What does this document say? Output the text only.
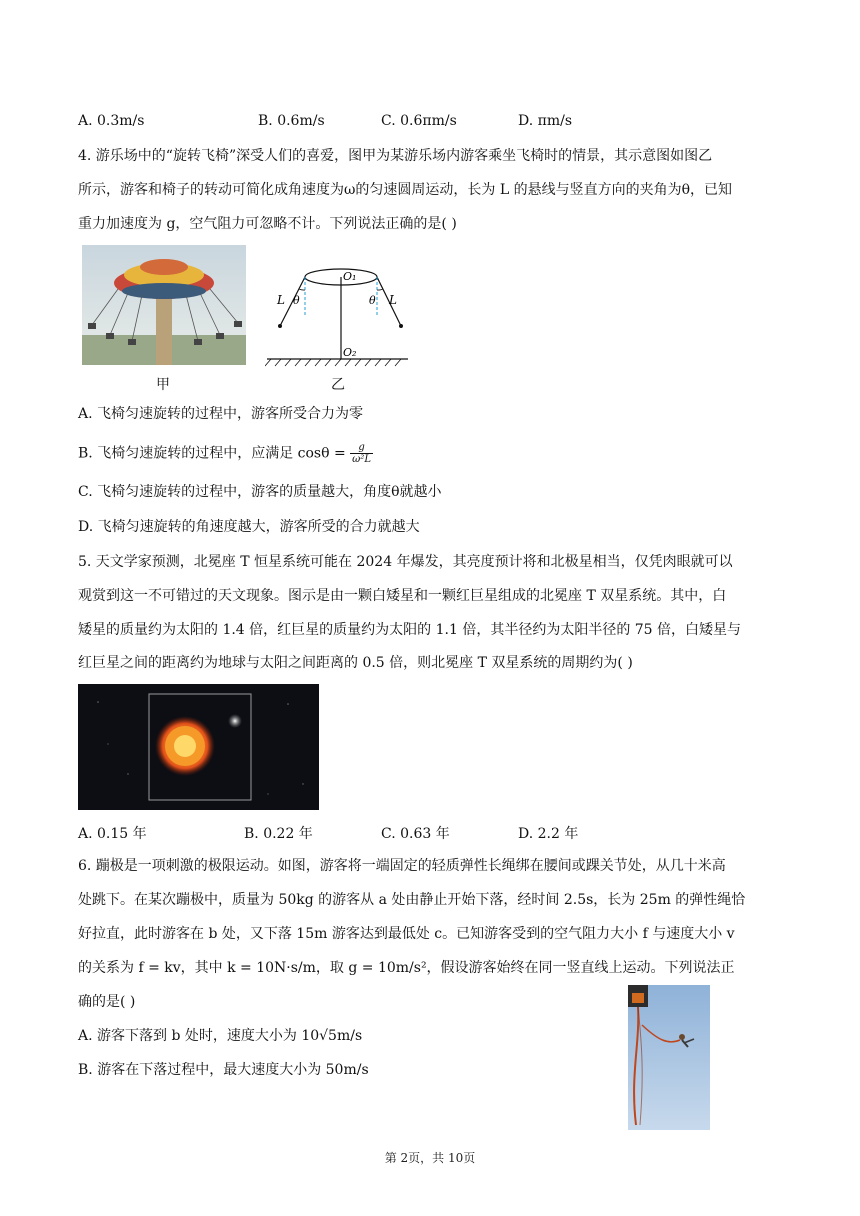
A. 0.3m/s	B. 0.6m/s	C. 0.6πm/s	D. πm/s
4. 游乐场中的“旋转飞椅”深受人们的喜爱，图甲为某游乐场内游客乘坐飞椅时的情景，其示意图如图乙
所示，游客和椅子的转动可简化成角速度为ω的匀速圆周运动，长为 L 的悬线与竖直方向的夹角为θ，已知
重力加速度为 g，空气阻力可忽略不计。下列说法正确的是( )
甲
O₁
O₂
L	L
θ	θ
乙
A. 飞椅匀速旋转的过程中，游客所受合力为零
B. 飞椅匀速旋转的过程中，应满足 $\cos\theta = \frac{g}{\text{ω²L}}$
C. 飞椅匀速旋转的过程中，游客的质量越大，角度θ就越小
D. 飞椅匀速旋转的角速度越大，游客所受的合力就越大
5. 天文学家预测，北冕座 T 恒星系统可能在 2024 年爆发，其亮度预计将和北极星相当，仅凭肉眼就可以
观赏到这一不可错过的天文现象。图示是由一颗白矮星和一颗红巨星组成的北冕座 T 双星系统。其中，白
矮星的质量约为太阳的 1.4 倍，红巨星的质量约为太阳的 1.1 倍，其半径约为太阳半径的 75 倍，白矮星与
红巨星之间的距离约为地球与太阳之间距离的 0.5 倍，则北冕座 T 双星系统的周期约为( )
A. 0.15 年	B. 0.22 年	C. 0.63 年	D. 2.2 年
6. 蹦极是一项刺激的极限运动。如图，游客将一端固定的轻质弹性长绳绑在腰间或踝关节处，从几十米高
处跳下。在某次蹦极中，质量为 50kg 的游客从 a 处由静止开始下落，经时间 2.5s，长为 25m 的弹性绳恰
好拉直，此时游客在 b 处，又下落 15m 游客达到最低处 c。已知游客受到的空气阻力大小 f 与速度大小 v
的关系为 f = kv，其中 k = 10N·s/m，取 g = 10m/s²，假设游客始终在同一竖直线上运动。下列说法正
确的是( )
A. 游客下落到 b 处时，速度大小为 10√5m/s
B. 游客在下落过程中，最大速度大小为 50m/s
第 2页，共 10页
